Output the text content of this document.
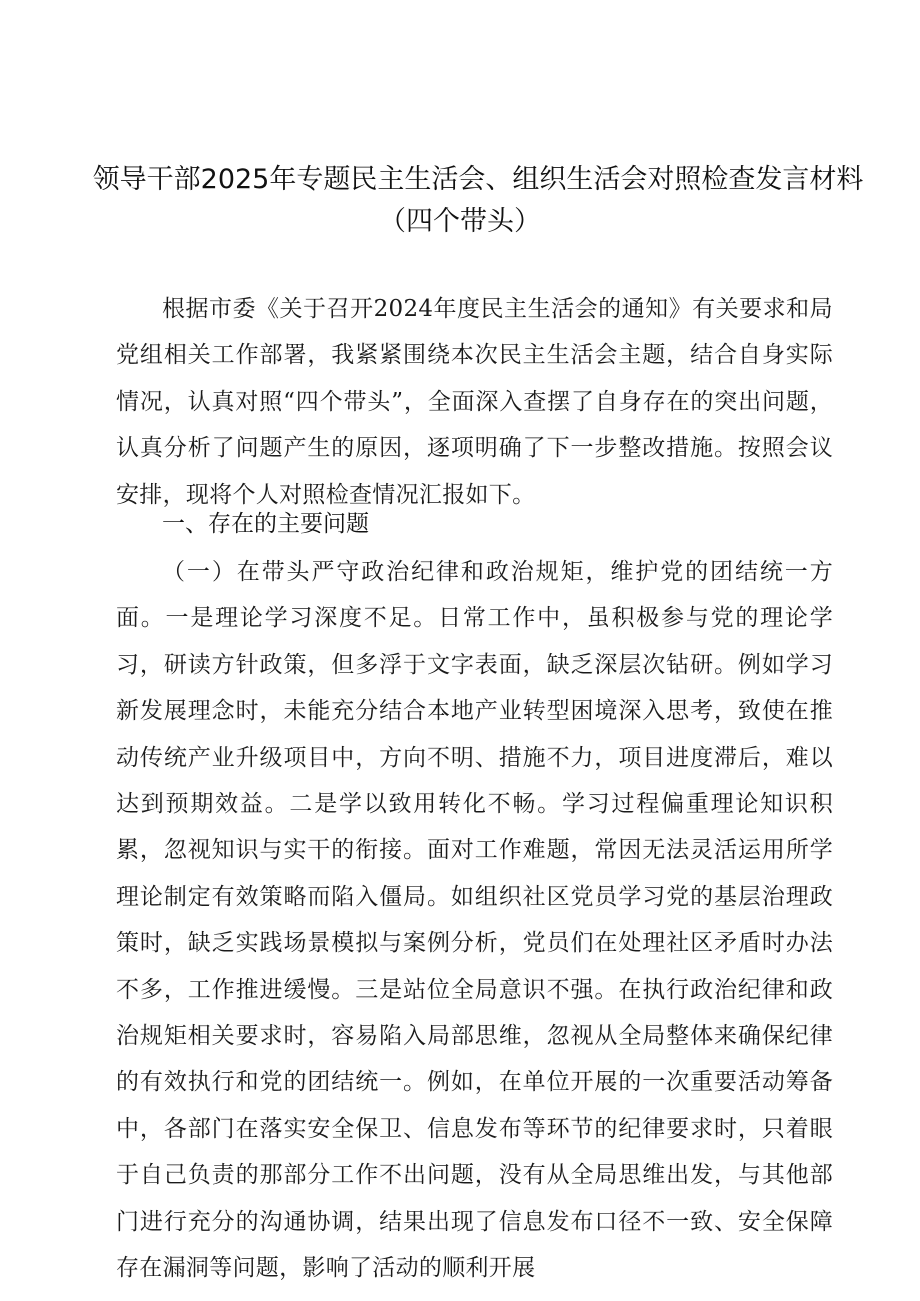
领导干部2025年专题民主生活会、组织生活会对照检查发言材料
（四个带头）
根据市委《关于召开2024年度民主生活会的通知》有关要求和局党组相关工作部署，我紧紧围绕本次民主生活会主题，结合自身实际情况，认真对照“四个带头”，全面深入查摆了自身存在的突出问题，认真分析了问题产生的原因，逐项明确了下一步整改措施。按照会议安排，现将个人对照检查情况汇报如下。
一、存在的主要问题
（一）在带头严守政治纪律和政治规矩，维护党的团结统一方面。一是理论学习深度不足。日常工作中，虽积极参与党的理论学习，研读方针政策，但多浮于文字表面，缺乏深层次钻研。例如学习新发展理念时，未能充分结合本地产业转型困境深入思考，致使在推动传统产业升级项目中，方向不明、措施不力，项目进度滞后，难以达到预期效益。二是学以致用转化不畅。学习过程偏重理论知识积累，忽视知识与实干的衔接。面对工作难题，常因无法灵活运用所学理论制定有效策略而陷入僵局。如组织社区党员学习党的基层治理政策时，缺乏实践场景模拟与案例分析，党员们在处理社区矛盾时办法不多，工作推进缓慢。三是站位全局意识不强。在执行政治纪律和政治规矩相关要求时，容易陷入局部思维，忽视从全局整体来确保纪律的有效执行和党的团结统一。例如，在单位开展的一次重要活动筹备中，各部门在落实安全保卫、信息发布等环节的纪律要求时，只着眼于自己负责的那部分工作不出问题，没有从全局思维出发，与其他部门进行充分的沟通协调，结果出现了信息发布口径不一致、安全保障存在漏洞等问题，影响了活动的顺利开展
